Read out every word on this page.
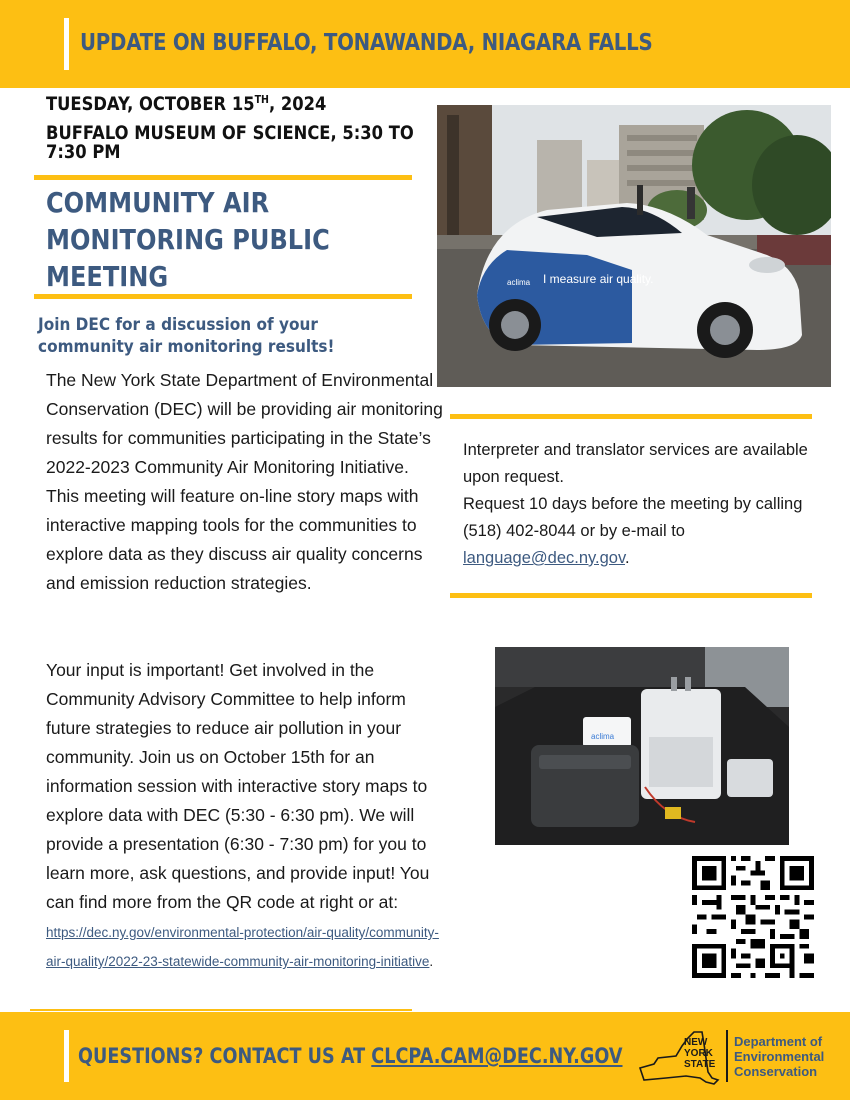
UPDATE ON BUFFALO, TONAWANDA, NIAGARA FALLS
TUESDAY, OCTOBER 15TH, 2024
BUFFALO MUSEUM OF SCIENCE, 5:30 TO 7:30 PM
COMMUNITY AIR
MONITORING PUBLIC
MEETING
Join DEC for a discussion of your community air monitoring results!
The New York State Department of Environmental Conservation (DEC) will be providing air monitoring results for communities participating in the State’s 2022-2023 Community Air Monitoring Initiative. This meeting will feature on-line story maps with interactive mapping tools for the communities to explore data as they discuss air quality concerns and emission reduction strategies.
Your input is important! Get involved in the Community Advisory Committee to help inform future strategies to reduce air pollution in your community. Join us on October 15th for an information session with interactive story maps to explore data with DEC (5:30 - 6:30 pm). We will provide a presentation (6:30 - 7:30 pm) for you to learn more, ask questions, and provide input! You can find more from the QR code at right or at:
https://dec.ny.gov/environmental-protection/air-quality/community-air-quality/2022-23-statewide-community-air-monitoring-initiative.
I measure air quality.
aclima
Interpreter and translator services are available upon request.
Request 10 days before the meeting by calling (518) 402-8044 or by e-mail to language@dec.ny.gov.
aclima
QUESTIONS? CONTACT US AT CLCPA.CAM@DEC.NY.GOV
NEW
YORK
STATE
Department of
Environmental
Conservation
